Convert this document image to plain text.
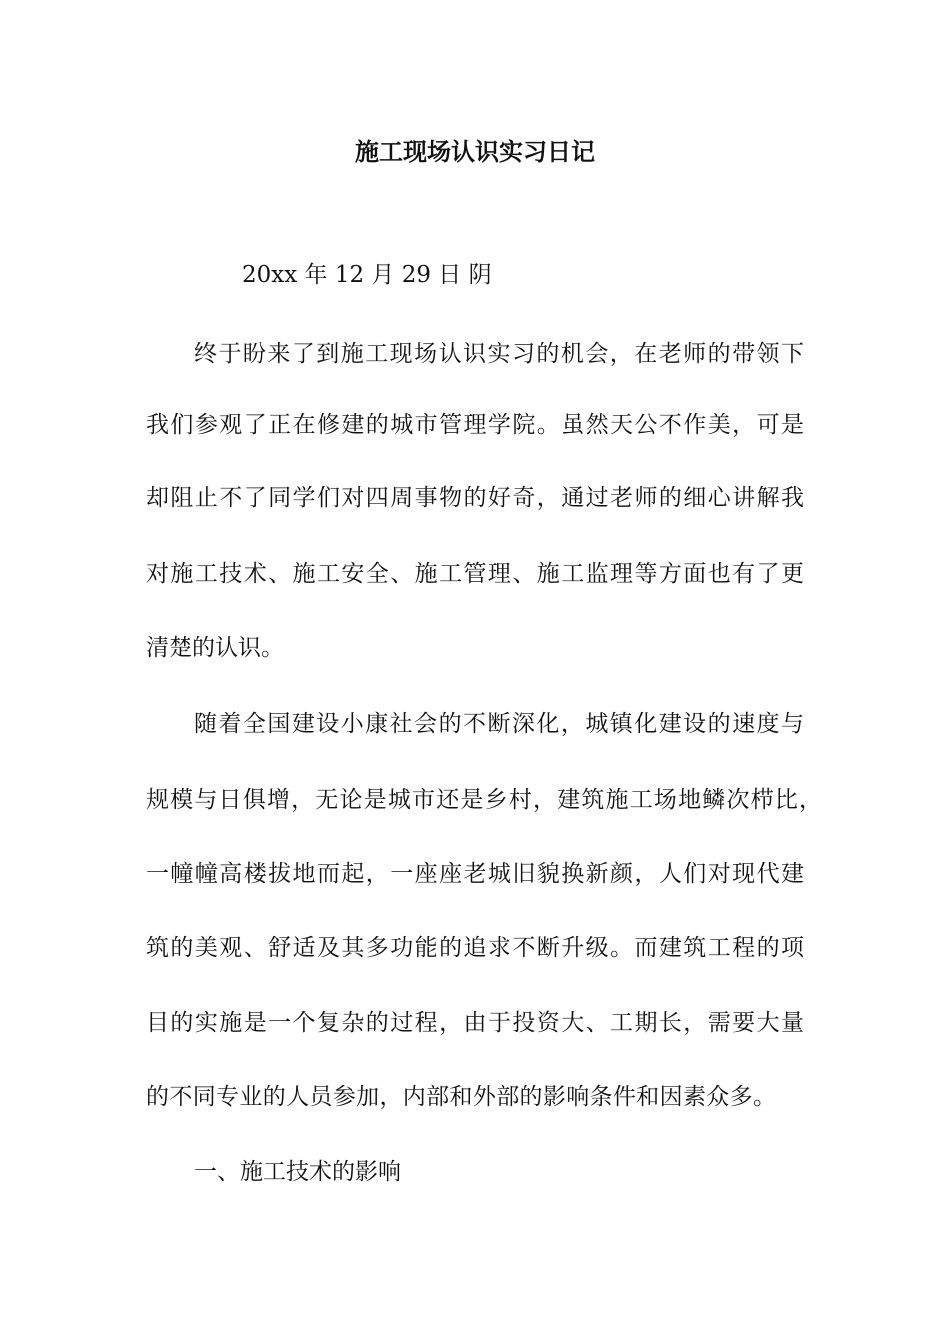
施工现场认识实习日记
20xx 年 12 月 29 日 阴
终于盼来了到施工现场认识实习的机会，在老师的带领下
我们参观了正在修建的城市管理学院。虽然天公不作美，可是
却阻止不了同学们对四周事物的好奇，通过老师的细心讲解我
对施工技术、施工安全、施工管理、施工监理等方面也有了更
清楚的认识。
随着全国建设小康社会的不断深化，城镇化建设的速度与
规模与日俱增，无论是城市还是乡村，建筑施工场地鳞次栉比，
一幢幢高楼拔地而起，一座座老城旧貌换新颜，人们对现代建
筑的美观、舒适及其多功能的追求不断升级。而建筑工程的项
目的实施是一个复杂的过程，由于投资大、工期长，需要大量
的不同专业的人员参加，内部和外部的影响条件和因素众多。
一、施工技术的影响
